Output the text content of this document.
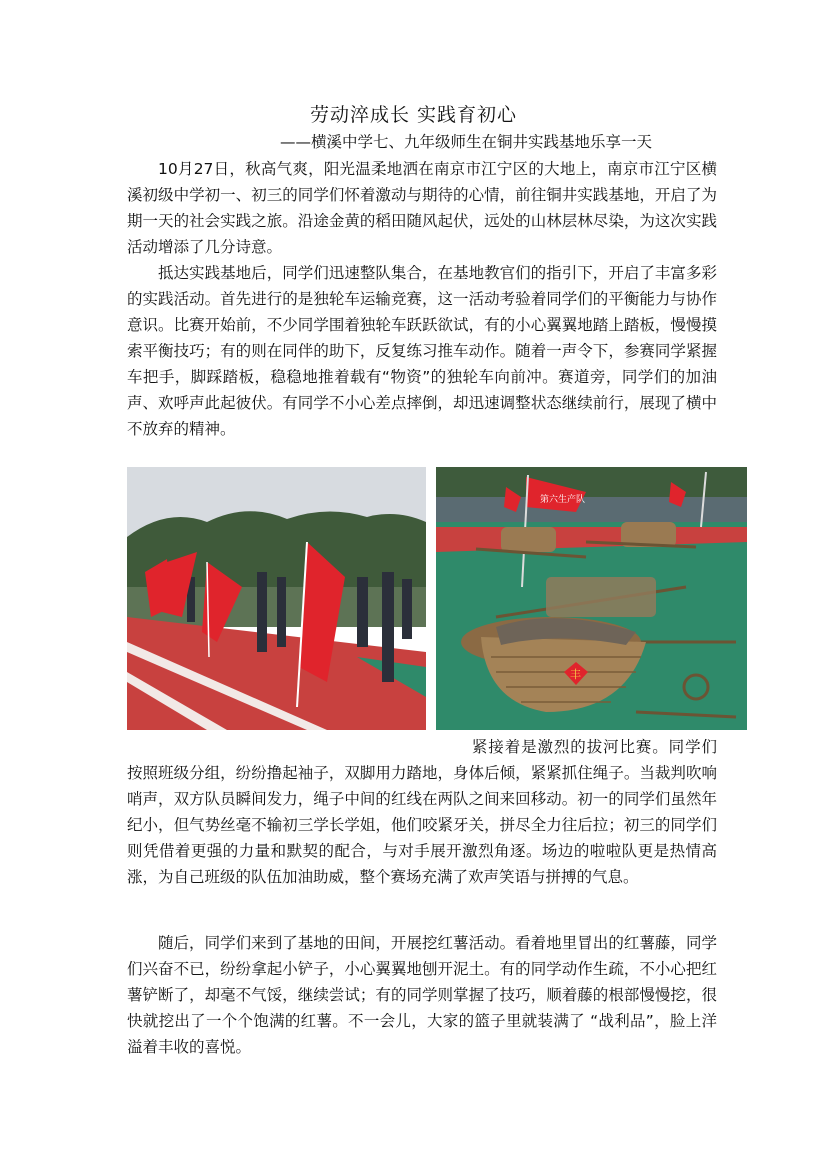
劳动淬成长 实践育初心
——横溪中学七、九年级师生在铜井实践基地乐享一天

10月27日，秋高气爽，阳光温柔地洒在南京市江宁区的大地上，南京市江宁区横溪初级中学初一、初三的同学们怀着激动与期待的心情，前往铜井实践基地，开启了为期一天的社会实践之旅。沿途金黄的稻田随风起伏，远处的山林层林尽染，为这次实践活动增添了几分诗意。

抵达实践基地后，同学们迅速整队集合，在基地教官们的指引下，开启了丰富多彩的实践活动。首先进行的是独轮车运输竞赛，这一活动考验着同学们的平衡能力与协作意识。比赛开始前，不少同学围着独轮车跃跃欲试，有的小心翼翼地踏上踏板，慢慢摸索平衡技巧；有的则在同伴的助下，反复练习推车动作。随着一声令下，参赛同学紧握车把手，脚踩踏板，稳稳地推着载有“物资”的独轮车向前冲。赛道旁，同学们的加油声、欢呼声此起彼伏。有同学不小心差点摔倒，却迅速调整状态继续前行，展现了横中不放弃的精神。

第六生产队
丰

紧接着是激烈的拔河比赛。同学们按照班级分组，纷纷撸起袖子，双脚用力踏地，身体后倾，紧紧抓住绳子。当裁判吹响哨声，双方队员瞬间发力，绳子中间的红线在两队之间来回移动。初一的同学们虽然年纪小，但气势丝毫不输初三学长学姐，他们咬紧牙关，拼尽全力往后拉；初三的同学们则凭借着更强的力量和默契的配合，与对手展开激烈角逐。场边的啦啦队更是热情高涨，为自己班级的队伍加油助威，整个赛场充满了欢声笑语与拼搏的气息。

随后，同学们来到了基地的田间，开展挖红薯活动。看着地里冒出的红薯藤，同学们兴奋不已，纷纷拿起小铲子，小心翼翼地刨开泥土。有的同学动作生疏，不小心把红薯铲断了，却毫不气馁，继续尝试；有的同学则掌握了技巧，顺着藤的根部慢慢挖，很快就挖出了一个个饱满的红薯。不一会儿，大家的篮子里就装满了 “战利品”，脸上洋溢着丰收的喜悦。
